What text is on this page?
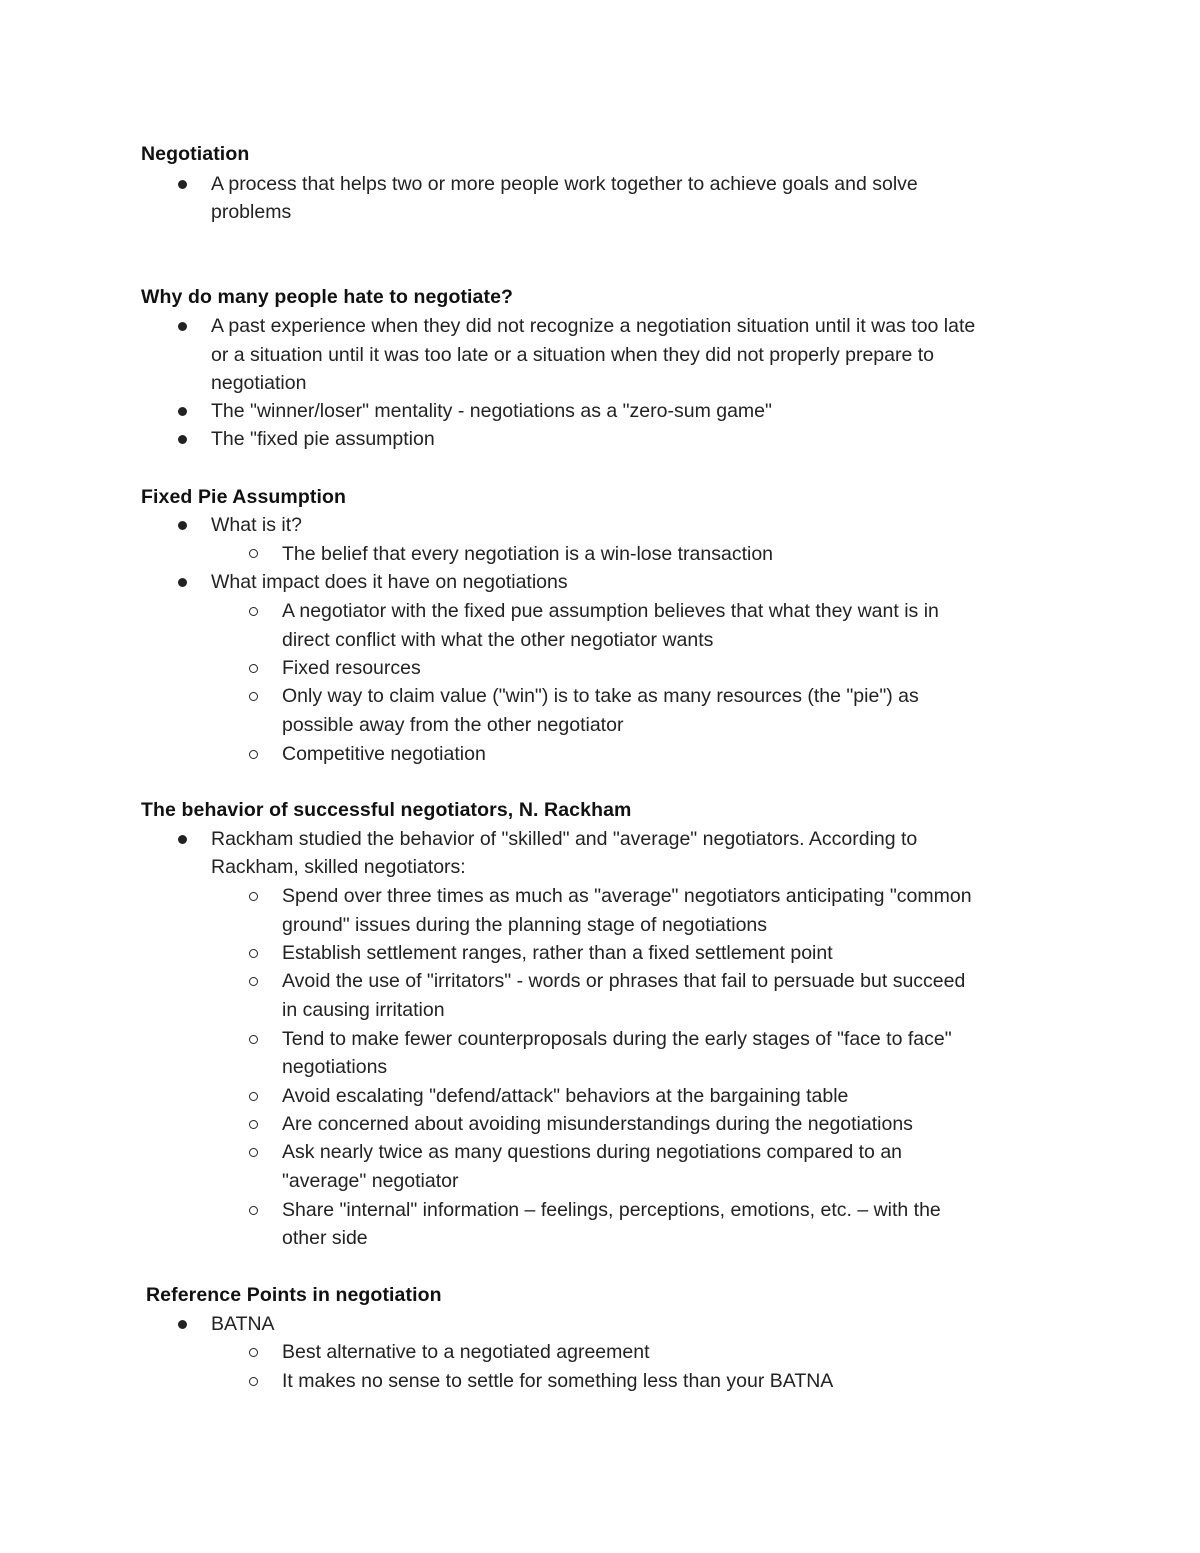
Negotiation
A process that helps two or more people work together to achieve goals and solve
problems
Why do many people hate to negotiate?
A past experience when they did not recognize a negotiation situation until it was too late
or a situation until it was too late or a situation when they did not properly prepare to
negotiation
The "winner/loser" mentality - negotiations as a "zero-sum game"
The "fixed pie assumption
Fixed Pie Assumption
What is it?
The belief that every negotiation is a win-lose transaction
What impact does it have on negotiations
A negotiator with the fixed pue assumption believes that what they want is in
direct conflict with what the other negotiator wants
Fixed resources
Only way to claim value ("win") is to take as many resources (the "pie") as
possible away from the other negotiator
Competitive negotiation
The behavior of successful negotiators, N. Rackham
Rackham studied the behavior of "skilled" and "average" negotiators. According to
Rackham, skilled negotiators:
Spend over three times as much as "average" negotiators anticipating "common
ground" issues during the planning stage of negotiations
Establish settlement ranges, rather than a fixed settlement point
Avoid the use of "irritators" - words or phrases that fail to persuade but succeed
in causing irritation
Tend to make fewer counterproposals during the early stages of "face to face"
negotiations
Avoid escalating "defend/attack" behaviors at the bargaining table
Are concerned about avoiding misunderstandings during the negotiations
Ask nearly twice as many questions during negotiations compared to an
"average" negotiator
Share "internal" information – feelings, perceptions, emotions, etc. – with the
other side
Reference Points in negotiation
BATNA
Best alternative to a negotiated agreement
It makes no sense to settle for something less than your BATNA
